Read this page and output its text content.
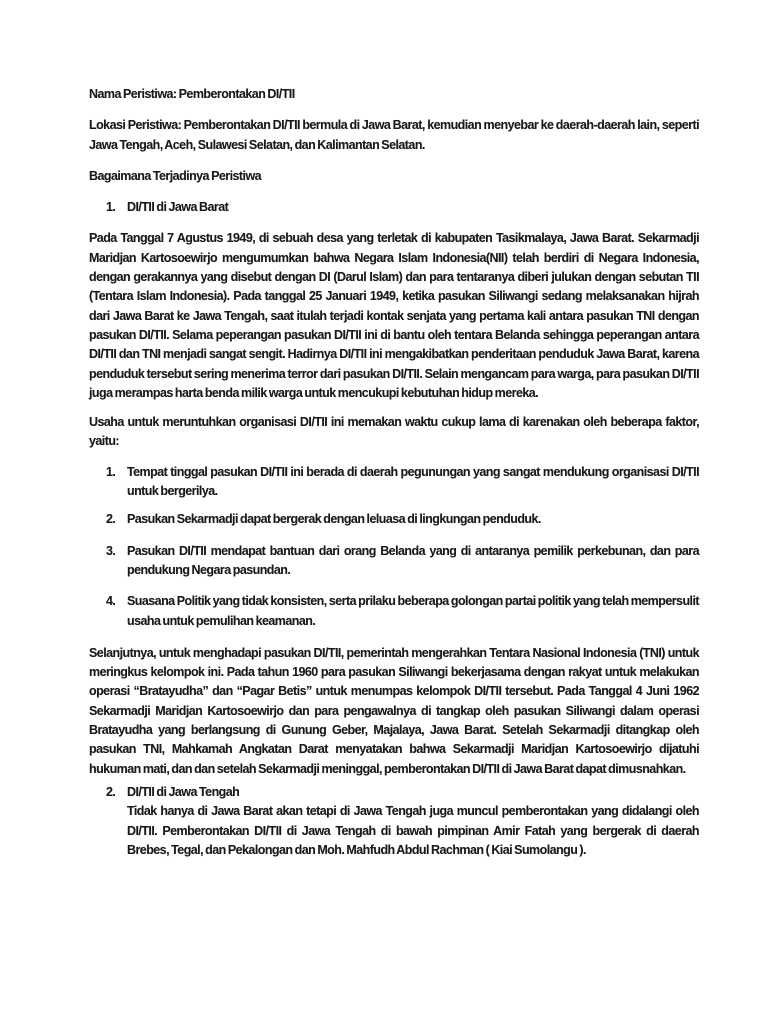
Nama Peristiwa: Pemberontakan DI/TII
Lokasi Peristiwa: Pemberontakan DI/TII bermula di Jawa Barat, kemudian menyebar ke daerah-daerah lain, seperti Jawa Tengah, Aceh, Sulawesi Selatan, dan Kalimantan Selatan.
Bagaimana Terjadinya Peristiwa
1. DI/TII di Jawa Barat
Pada Tanggal 7 Agustus 1949, di sebuah desa yang terletak di kabupaten Tasikmalaya, Jawa Barat. Sekarmadji Maridjan Kartosoewirjo mengumumkan bahwa Negara Islam Indonesia(NII) telah berdiri di Negara Indonesia, dengan gerakannya yang disebut dengan DI (Darul Islam) dan para tentaranya diberi julukan dengan sebutan TII (Tentara Islam Indonesia). Pada tanggal 25 Januari 1949, ketika pasukan Siliwangi sedang melaksanakan hijrah dari Jawa Barat ke Jawa Tengah, saat itulah terjadi kontak senjata yang pertama kali antara pasukan TNI dengan pasukan DI/TII. Selama peperangan pasukan DI/TII ini di bantu oleh tentara Belanda sehingga peperangan antara DI/TII dan TNI menjadi sangat sengit. Hadirnya DI/TII ini mengakibatkan penderitaan penduduk Jawa Barat, karena penduduk tersebut sering menerima terror dari pasukan DI/TII. Selain mengancam para warga, para pasukan DI/TII juga merampas harta benda milik warga untuk mencukupi kebutuhan hidup mereka.
Usaha untuk meruntuhkan organisasi DI/TII ini memakan waktu cukup lama di karenakan oleh beberapa faktor, yaitu:
1. Tempat tinggal pasukan DI/TII ini berada di daerah pegunungan yang sangat mendukung organisasi DI/TII untuk bergerilya.
2. Pasukan Sekarmadji dapat bergerak dengan leluasa di lingkungan penduduk.
3. Pasukan DI/TII mendapat bantuan dari orang Belanda yang di antaranya pemilik perkebunan, dan para pendukung Negara pasundan.
4. Suasana Politik yang tidak konsisten, serta prilaku beberapa golongan partai politik yang telah mempersulit usaha untuk pemulihan keamanan.
Selanjutnya, untuk menghadapi pasukan DI/TII, pemerintah mengerahkan Tentara Nasional Indonesia (TNI) untuk meringkus kelompok ini. Pada tahun 1960 para pasukan Siliwangi bekerjasama dengan rakyat untuk melakukan operasi “Bratayudha” dan “Pagar Betis” untuk menumpas kelompok DI/TII tersebut. Pada Tanggal 4 Juni 1962 Sekarmadji Maridjan Kartosoewirjo dan para pengawalnya di tangkap oleh pasukan Siliwangi dalam operasi Bratayudha yang berlangsung di Gunung Geber, Majalaya, Jawa Barat. Setelah Sekarmadji ditangkap oleh pasukan TNI, Mahkamah Angkatan Darat menyatakan bahwa Sekarmadji Maridjan Kartosoewirjo dijatuhi hukuman mati, dan dan setelah Sekarmadji meninggal, pemberontakan DI/TII di Jawa Barat dapat dimusnahkan.
2. DI/TII di Jawa Tengah
Tidak hanya di Jawa Barat akan tetapi di Jawa Tengah juga muncul pemberontakan yang didalangi oleh DI/TII. Pemberontakan DI/TII di Jawa Tengah di bawah pimpinan Amir Fatah yang bergerak di daerah Brebes, Tegal, dan Pekalongan dan Moh. Mahfudh Abdul Rachman ( Kiai Sumolangu ).
